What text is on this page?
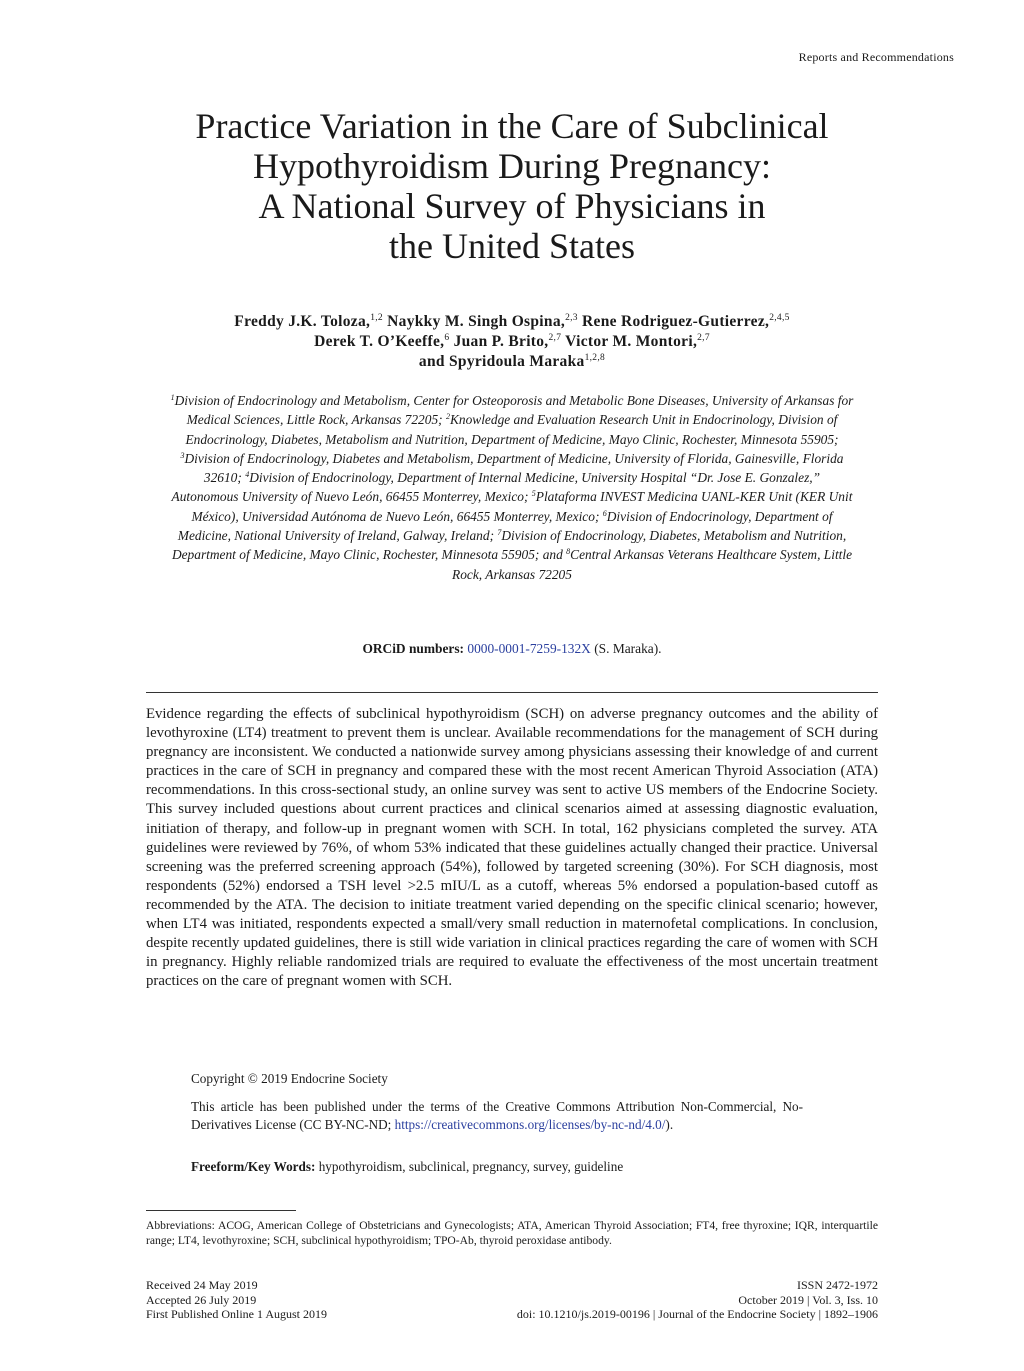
Reports and Recommendations
Practice Variation in the Care of Subclinical
Hypothyroidism During Pregnancy:
A National Survey of Physicians in
the United States
Freddy J.K. Toloza,$^{1,2}$ Naykky M. Singh Ospina,$^{2,3}$ Rene Rodriguez-Gutierrez,$^{2,4,5}$
Derek T. O’Keeffe,$^6$ Juan P. Brito,$^{2,7}$ Victor M. Montori,$^{2,7}$
and Spyridoula Maraka$^{1,2,8}$
$^1$Division of Endocrinology and Metabolism, Center for Osteoporosis and Metabolic Bone Diseases, University of Arkansas for Medical Sciences, Little Rock, Arkansas 72205; $^2$Knowledge and Evaluation Research Unit in Endocrinology, Division of Endocrinology, Diabetes, Metabolism and Nutrition, Department of Medicine, Mayo Clinic, Rochester, Minnesota 55905; $^3$Division of Endocrinology, Diabetes and Metabolism, Department of Medicine, University of Florida, Gainesville, Florida 32610; $^4$Division of Endocrinology, Department of Internal Medicine, University Hospital “Dr. Jose E. Gonzalez,” Autonomous University of Nuevo León, 66455 Monterrey, Mexico; $^5$Plataforma INVEST Medicina UANL-KER Unit (KER Unit México), Universidad Autónoma de Nuevo León, 66455 Monterrey, Mexico; $^6$Division of Endocrinology, Department of Medicine, National University of Ireland, Galway, Ireland; $^7$Division of Endocrinology, Diabetes, Metabolism and Nutrition, Department of Medicine, Mayo Clinic, Rochester, Minnesota 55905; and $^8$Central Arkansas Veterans Healthcare System, Little Rock, Arkansas 72205
ORCiD numbers: 0000-0001-7259-132X (S. Maraka).

Evidence regarding the effects of subclinical hypothyroidism (SCH) on adverse pregnancy outcomes and the ability of levothyroxine (LT4) treatment to prevent them is unclear. Available recommendations for the management of SCH during pregnancy are inconsistent. We conducted a nationwide survey among physicians assessing their knowledge of and current practices in the care of SCH in pregnancy and compared these with the most recent American Thyroid Association (ATA) recommendations. In this cross-sectional study, an online survey was sent to active US members of the Endocrine Society. This survey included questions about current practices and clinical scenarios aimed at assessing diagnostic evaluation, initiation of therapy, and follow-up in pregnant women with SCH. In total, 162 physicians completed the survey. ATA guidelines were reviewed by 76%, of whom 53% indicated that these guidelines actually changed their practice. Universal screening was the preferred screening approach (54%), followed by targeted screening (30%). For SCH diagnosis, most respondents (52%) endorsed a TSH level >2.5 mIU/L as a cutoff, whereas 5% endorsed a population-based cutoff as recommended by the ATA. The decision to initiate treatment varied depending on the specific clinical scenario; however, when LT4 was initiated, respondents expected a small/very small reduction in maternofetal complications. In conclusion, despite recently updated guidelines, there is still wide variation in clinical practices regarding the care of women with SCH in pregnancy. Highly reliable randomized trials are required to evaluate the effectiveness of the most uncertain treatment practices on the care of pregnant women with SCH.

Copyright © 2019 Endocrine Society
This article has been published under the terms of the Creative Commons Attribution Non-Commercial, No-Derivatives License (CC BY-NC-ND; https://creativecommons.org/licenses/by-nc-nd/4.0/).
Freeform/Key Words: hypothyroidism, subclinical, pregnancy, survey, guideline
Abbreviations: ACOG, American College of Obstetricians and Gynecologists; ATA, American Thyroid Association; FT4, free thyroxine; IQR, interquartile range; LT4, levothyroxine; SCH, subclinical hypothyroidism; TPO-Ab, thyroid peroxidase antibody.
Received 24 May 2019
Accepted 26 July 2019
First Published Online 1 August 2019
ISSN 2472-1972
October 2019 | Vol. 3, Iss. 10
doi: 10.1210/js.2019-00196 | Journal of the Endocrine Society | 1892–1906
